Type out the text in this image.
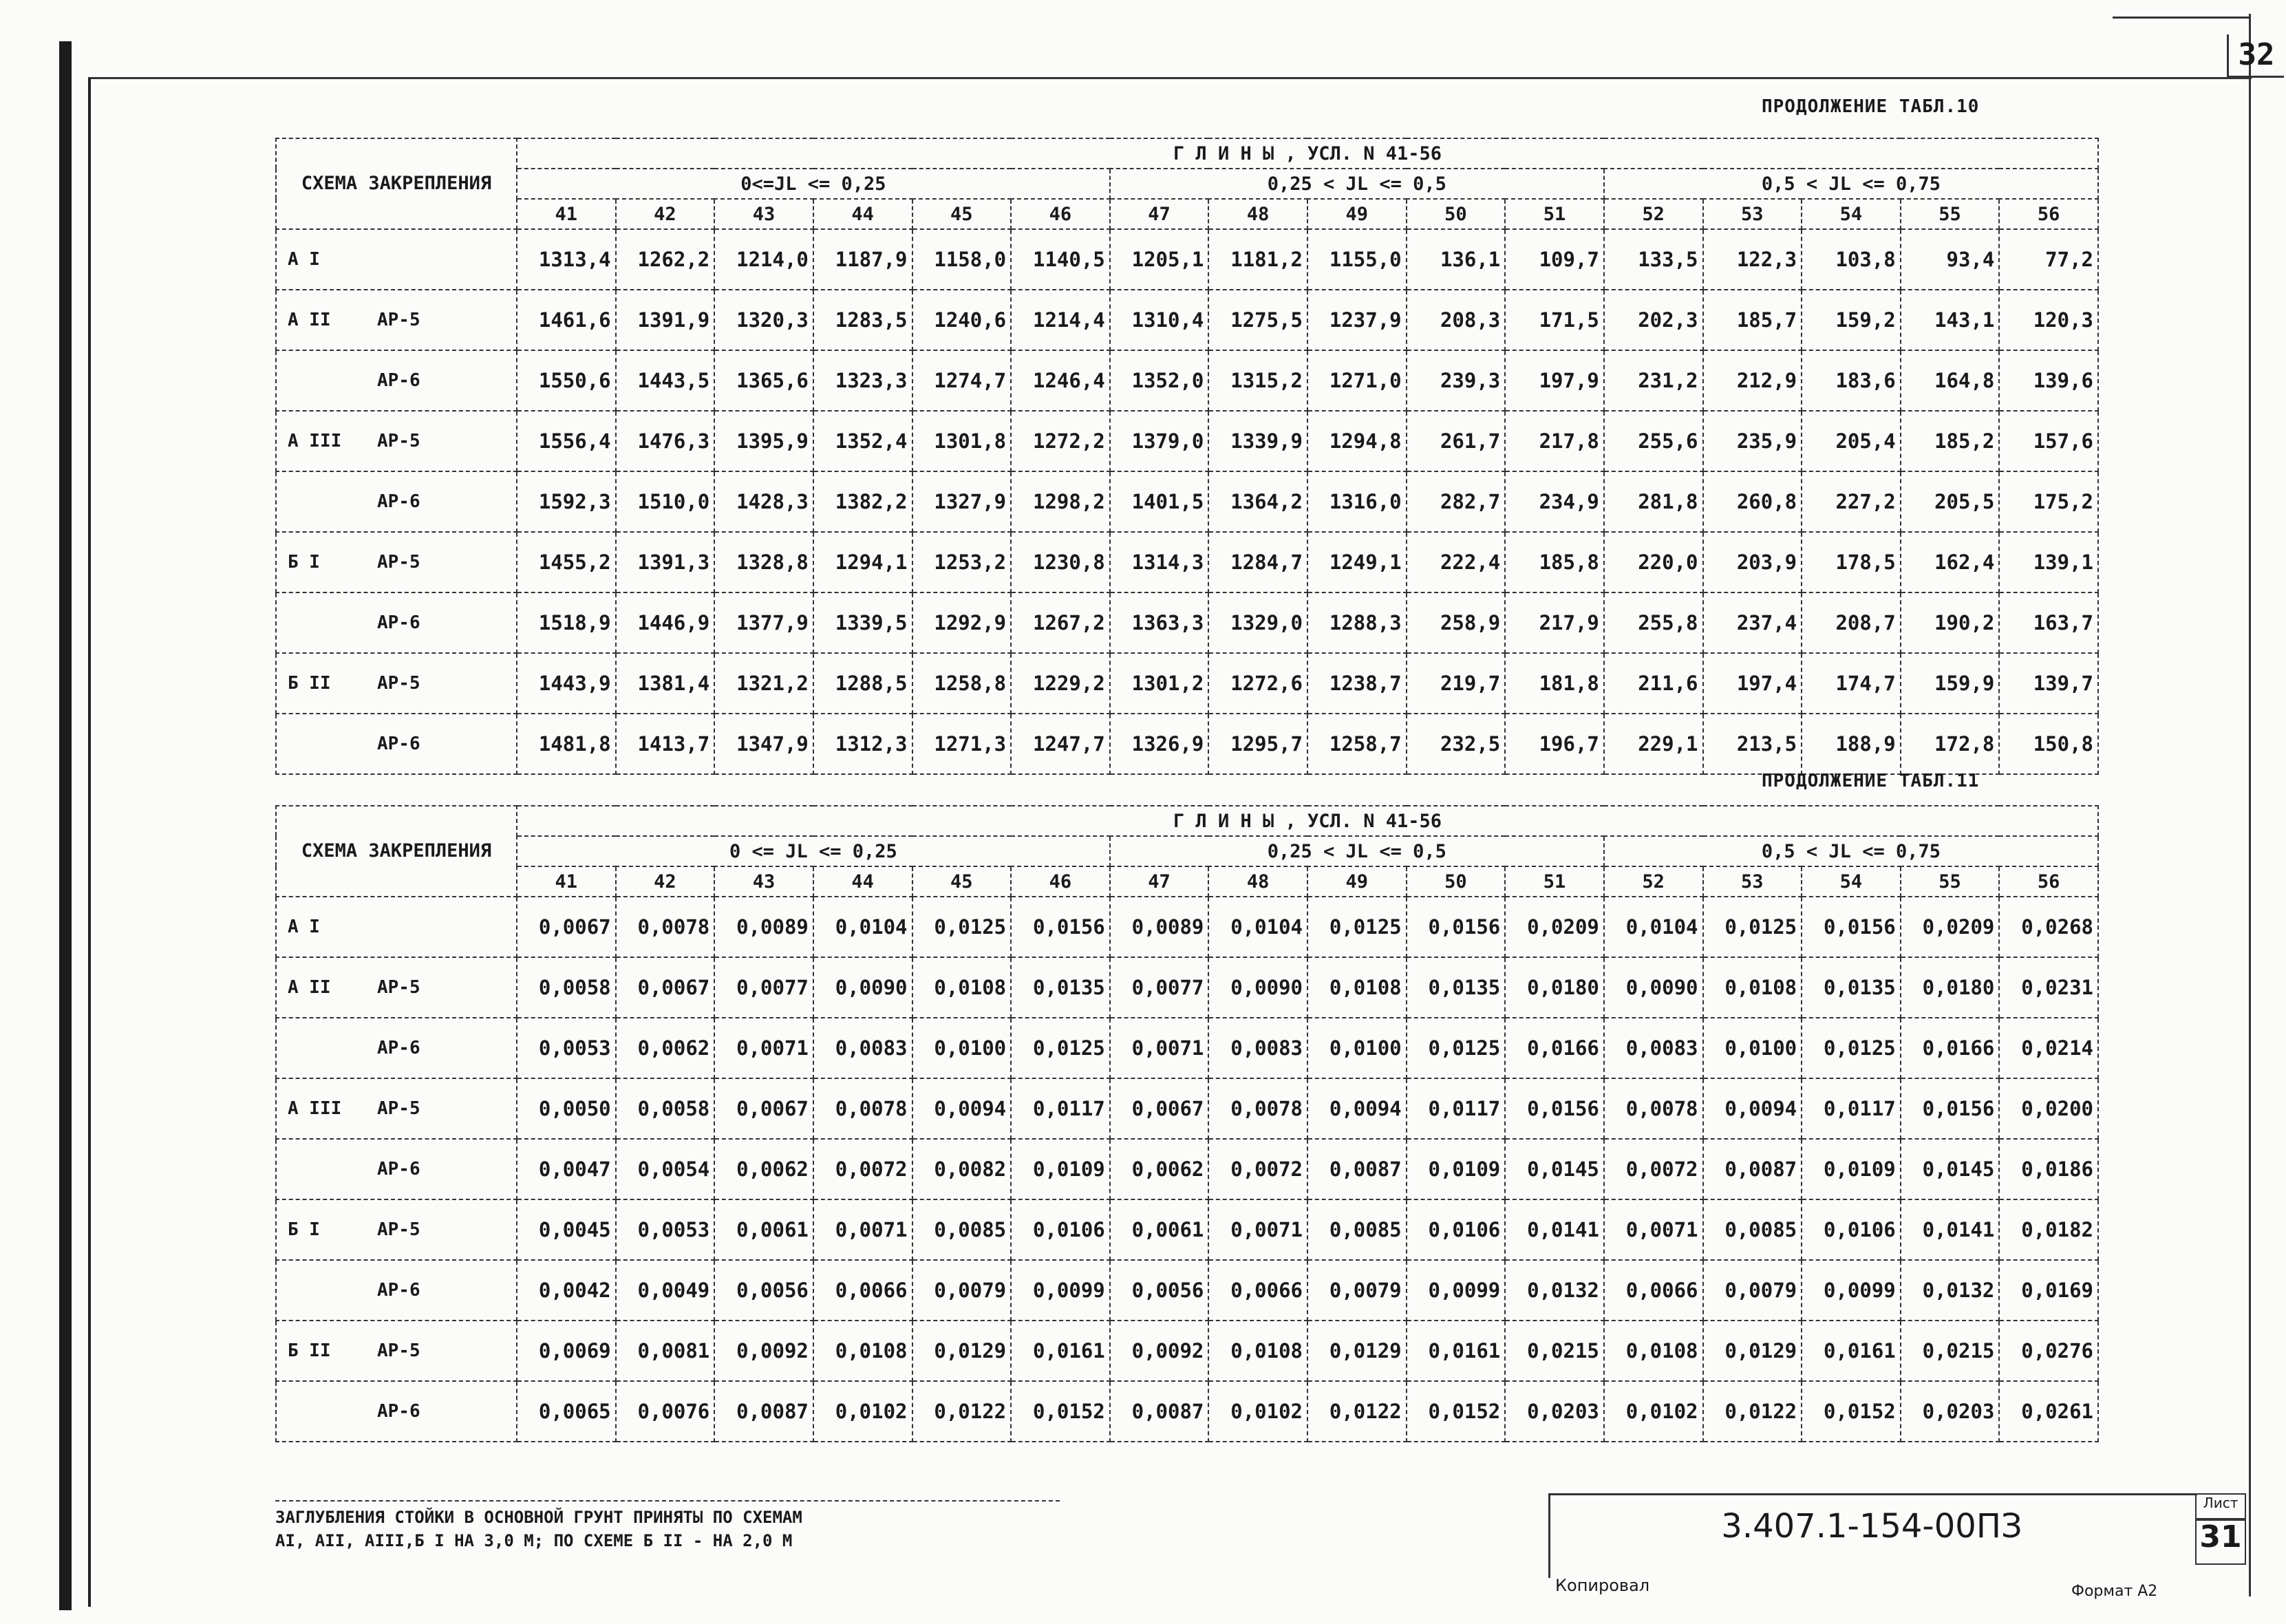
32
ПРОДОЛЖЕНИЕ ТАБЛ.10
СХЕМА ЗАКРЕПЛЕНИЯ	Г Л И Н Ы , УСЛ. N 41-56															
	0<=JL <= 0,25						0,25 < JL <= 0,5					0,5 < JL <= 0,75				
	41	42	43	44	45	46	47	48	49	50	51	52	53	54	55	56
А I	1313,4	1262,2	1214,0	1187,9	1158,0	1140,5	1205,1	1181,2	1155,0	136,1	109,7	133,5	122,3	103,8	93,4	77,2
А II АР-5	1461,6	1391,9	1320,3	1283,5	1240,6	1214,4	1310,4	1275,5	1237,9	208,3	171,5	202,3	185,7	159,2	143,1	120,3
АР-6	1550,6	1443,5	1365,6	1323,3	1274,7	1246,4	1352,0	1315,2	1271,0	239,3	197,9	231,2	212,9	183,6	164,8	139,6
А III АР-5	1556,4	1476,3	1395,9	1352,4	1301,8	1272,2	1379,0	1339,9	1294,8	261,7	217,8	255,6	235,9	205,4	185,2	157,6
АР-6	1592,3	1510,0	1428,3	1382,2	1327,9	1298,2	1401,5	1364,2	1316,0	282,7	234,9	281,8	260,8	227,2	205,5	175,2
Б I АР-5	1455,2	1391,3	1328,8	1294,1	1253,2	1230,8	1314,3	1284,7	1249,1	222,4	185,8	220,0	203,9	178,5	162,4	139,1
АР-6	1518,9	1446,9	1377,9	1339,5	1292,9	1267,2	1363,3	1329,0	1288,3	258,9	217,9	255,8	237,4	208,7	190,2	163,7
Б II АР-5	1443,9	1381,4	1321,2	1288,5	1258,8	1229,2	1301,2	1272,6	1238,7	219,7	181,8	211,6	197,4	174,7	159,9	139,7
АР-6	1481,8	1413,7	1347,9	1312,3	1271,3	1247,7	1326,9	1295,7	1258,7	232,5	196,7	229,1	213,5	188,9	172,8	150,8
ПРОДОЛЖЕНИЕ ТАБЛ.11
СХЕМА ЗАКРЕПЛЕНИЯ	Г Л И Н Ы , УСЛ. N 41-56															
	0 <= JL <= 0,25						0,25 < JL <= 0,5					0,5 < JL <= 0,75				
	41	42	43	44	45	46	47	48	49	50	51	52	53	54	55	56
А I	0,0067	0,0078	0,0089	0,0104	0,0125	0,0156	0,0089	0,0104	0,0125	0,0156	0,0209	0,0104	0,0125	0,0156	0,0209	0,0268
А II АР-5	0,0058	0,0067	0,0077	0,0090	0,0108	0,0135	0,0077	0,0090	0,0108	0,0135	0,0180	0,0090	0,0108	0,0135	0,0180	0,0231
АР-6	0,0053	0,0062	0,0071	0,0083	0,0100	0,0125	0,0071	0,0083	0,0100	0,0125	0,0166	0,0083	0,0100	0,0125	0,0166	0,0214
А III АР-5	0,0050	0,0058	0,0067	0,0078	0,0094	0,0117	0,0067	0,0078	0,0094	0,0117	0,0156	0,0078	0,0094	0,0117	0,0156	0,0200
АР-6	0,0047	0,0054	0,0062	0,0072	0,0082	0,0109	0,0062	0,0072	0,0087	0,0109	0,0145	0,0072	0,0087	0,0109	0,0145	0,0186
Б I АР-5	0,0045	0,0053	0,0061	0,0071	0,0085	0,0106	0,0061	0,0071	0,0085	0,0106	0,0141	0,0071	0,0085	0,0106	0,0141	0,0182
АР-6	0,0042	0,0049	0,0056	0,0066	0,0079	0,0099	0,0056	0,0066	0,0079	0,0099	0,0132	0,0066	0,0079	0,0099	0,0132	0,0169
Б II АР-5	0,0069	0,0081	0,0092	0,0108	0,0129	0,0161	0,0092	0,0108	0,0129	0,0161	0,0215	0,0108	0,0129	0,0161	0,0215	0,0276
АР-6	0,0065	0,0076	0,0087	0,0102	0,0122	0,0152	0,0087	0,0102	0,0122	0,0152	0,0203	0,0102	0,0122	0,0152	0,0203	0,0261
ЗАГЛУБЛЕНИЯ СТОЙКИ В ОСНОВНОЙ ГРУНТ ПРИНЯТЫ ПО СХЕМАМ
АI, АII, АIII,Б I НА 3,0 М; ПО СХЕМЕ Б II - НА 2,0 М	3.407.1-154-00ПЗ
Лист
31
Копировал	Формат А2
